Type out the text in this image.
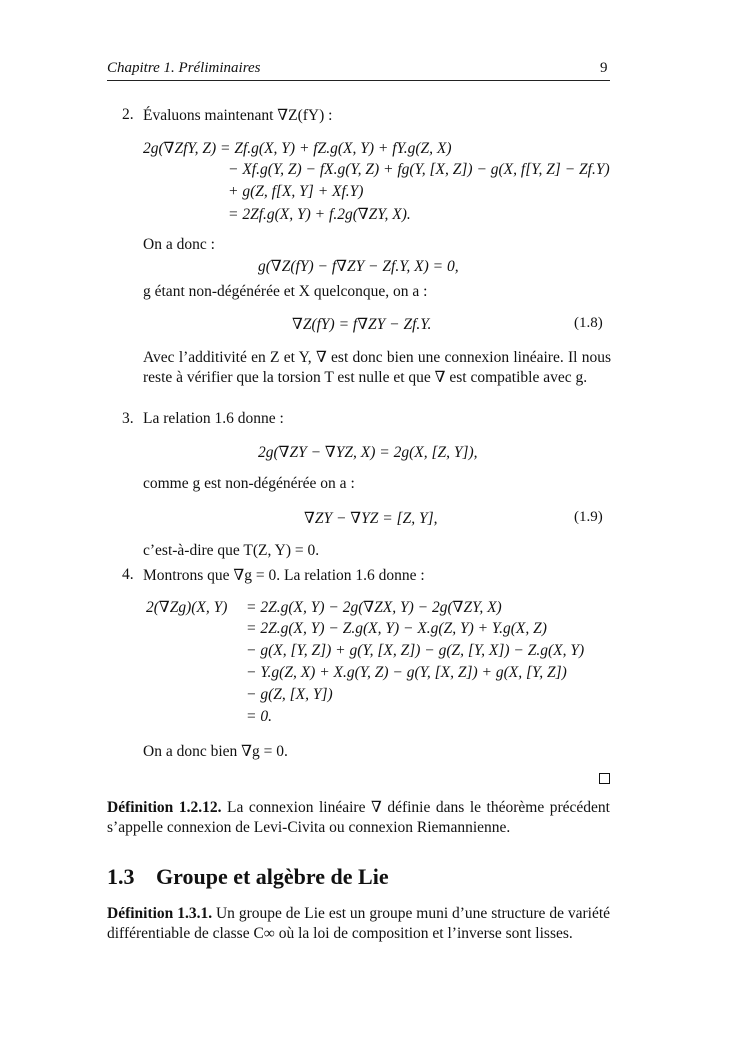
Chapitre 1. Préliminaires	9
2. Évaluons maintenant ∇Z(fY) :
2g(∇ZfY, Z) = Zf.g(X, Y) + fZ.g(X, Y) + fY.g(Z, X)
− Xf.g(Y, Z) − fX.g(Y, Z) + fg(Y, [X, Z]) − g(X, f[Y, Z] − Zf.Y)
+ g(Z, f[X, Y] + Xf.Y)
= 2Zf.g(X, Y) + f.2g(∇ZY, X).
On a donc :
g(∇Z(fY) − f∇ZY − Zf.Y, X) = 0,
g étant non-dégénérée et X quelconque, on a :
∇Z(fY) = f∇ZY − Zf.Y.	(1.8)
Avec l’additivité en Z et Y, ∇ est donc bien une connexion linéaire. Il nous reste à vérifier que la torsion T est nulle et que ∇ est compatible avec g.
3. La relation 1.6 donne :
2g(∇ZY − ∇YZ, X) = 2g(X, [Z, Y]),
comme g est non-dégénérée on a :
∇ZY − ∇YZ = [Z, Y],	(1.9)
c’est-à-dire que T(Z, Y) = 0.
4. Montrons que ∇g = 0. La relation 1.6 donne :
2(∇Zg)(X, Y) = 2Z.g(X, Y) − 2g(∇ZX, Y) − 2g(∇ZY, X)
= 2Z.g(X, Y) − Z.g(X, Y) − X.g(Z, Y) + Y.g(X, Z)
− g(X, [Y, Z]) + g(Y, [X, Z]) − g(Z, [Y, X]) − Z.g(X, Y)
− Y.g(Z, X) + X.g(Y, Z) − g(Y, [X, Z]) + g(X, [Y, Z])
− g(Z, [X, Y])
= 0.
On a donc bien ∇g = 0.
Définition 1.2.12. La connexion linéaire ∇ définie dans le théorème précédent s’appelle connexion de Levi-Civita ou connexion Riemannienne.
1.3 Groupe et algèbre de Lie
Définition 1.3.1. Un groupe de Lie est un groupe muni d’une structure de variété différentiable de classe C∞ où la loi de composition et l’inverse sont lisses.
